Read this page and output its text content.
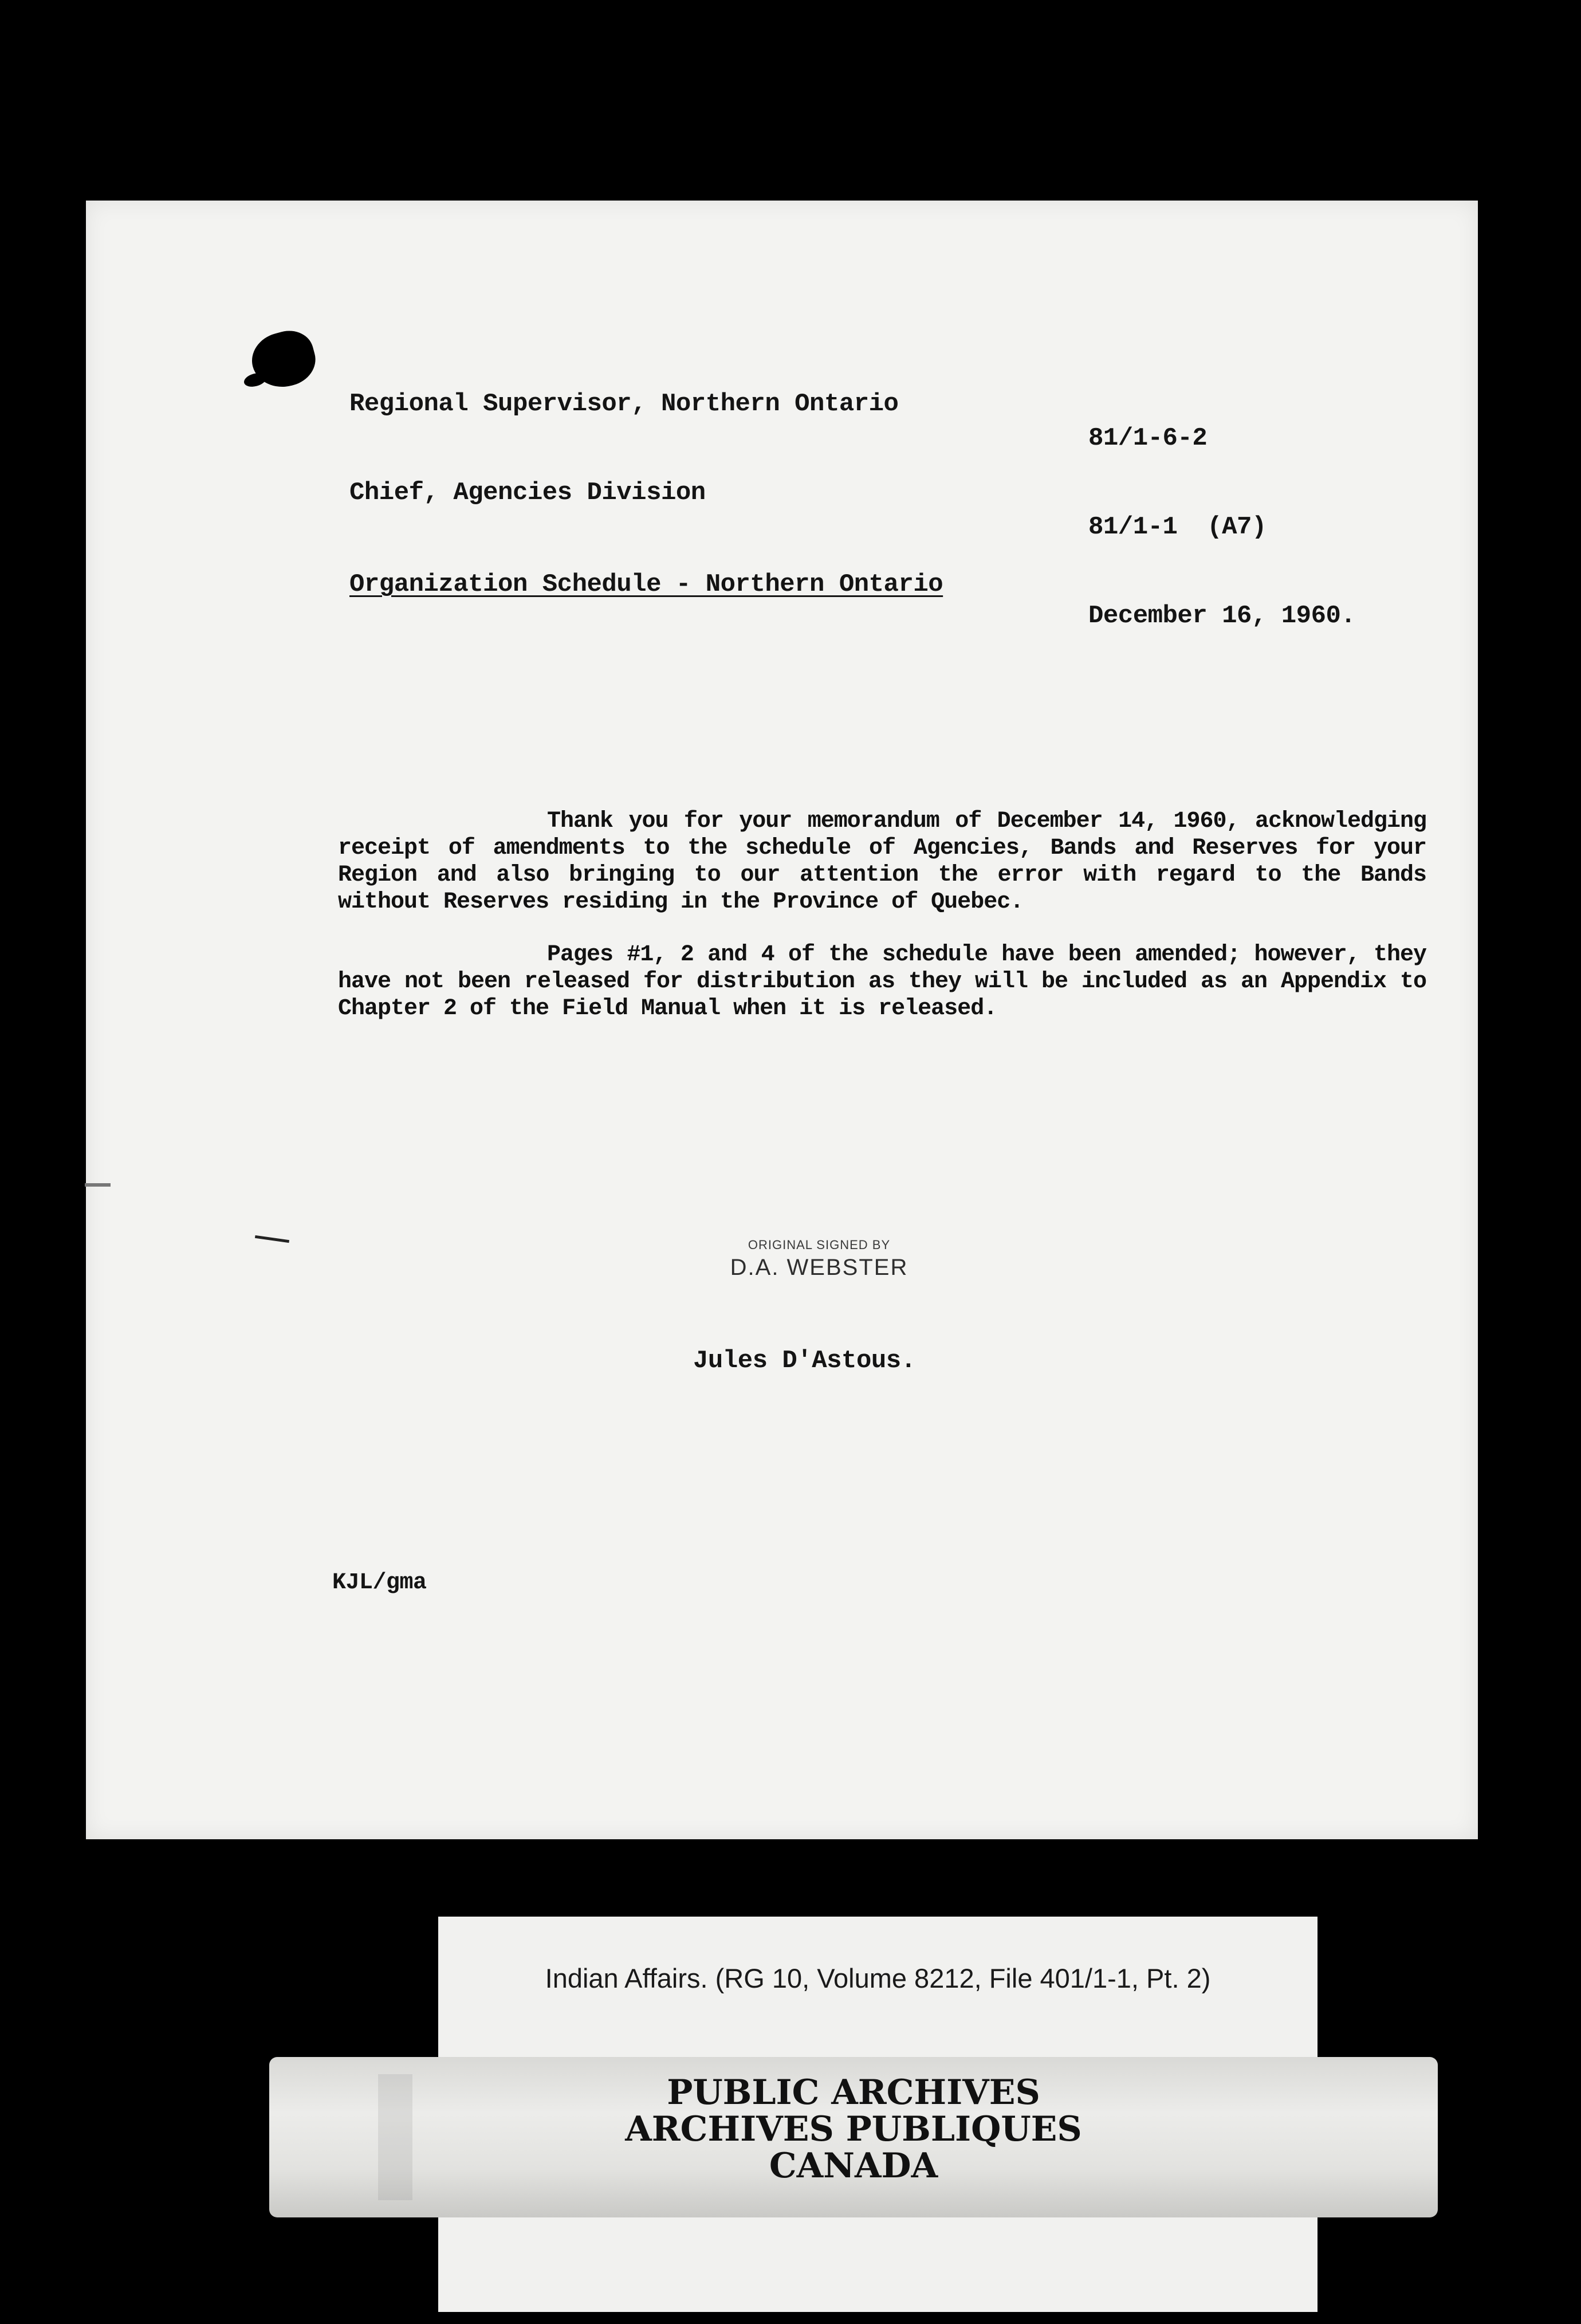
Regional Supervisor, Northern Ontario
81/1-6-2
Chief, Agencies Division
81/1-1  (A7)
Organization Schedule - Northern Ontario
December 16, 1960.

Thank you for your memorandum of December 14, 1960, acknowledging receipt of amendments to the schedule of Agencies, Bands and Reserves for your Region and also bringing to our attention the error with regard to the Bands without Reserves residing in the Province of Quebec.

Pages #1, 2 and 4 of the schedule have been amended; however, they have not been released for distribution as they will be included as an Appendix to Chapter 2 of the Field Manual when it is released.

ORIGINAL SIGNED BY
D.A. WEBSTER
Jules D'Astous.
KJL/gma
Indian Affairs. (RG 10, Volume 8212, File 401/1-1, Pt. 2)
PUBLIC ARCHIVES
ARCHIVES PUBLIQUES
CANADA
